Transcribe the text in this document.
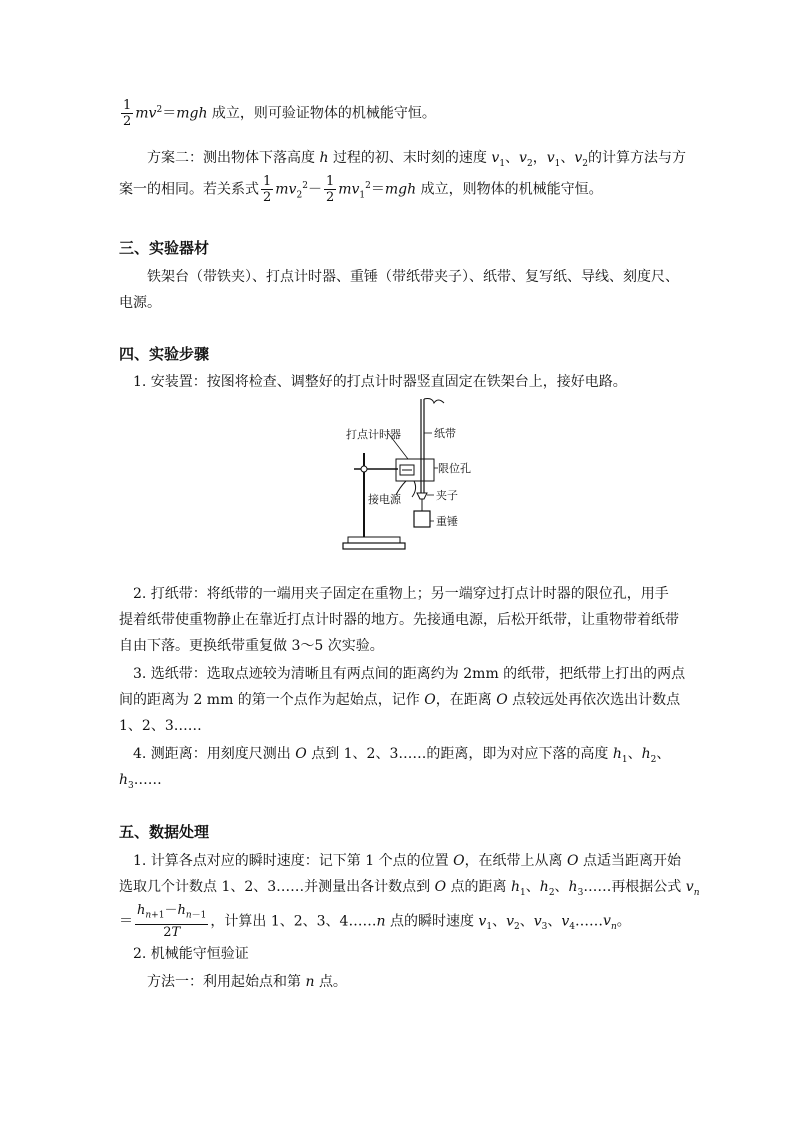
$\frac{1}{2} mv^2=mgh$ 成立，则可验证物体的机械能守恒。
方案二：测出物体下落高度 h 过程的初、末时刻的速度 $v_1$、$v_2$，$v_1$、$v_2$的计算方法与方
案一的相同。若关系式 $\frac{1}{2} mv_2^2- \frac{1}{2} mv_1^2=mgh$ 成立，则物体的机械能守恒。
三、实验器材
铁架台（带铁夹）、打点计时器、重锤（带纸带夹子）、纸带、复写纸、导线、刻度尺、
电源。
四、实验步骤
1. 安装置：按图将检查、调整好的打点计时器竖直固定在铁架台上，接好电路。
打点计时器	纸带
限位孔
接电源	夹子
重锤
2. 打纸带：将纸带的一端用夹子固定在重物上；另一端穿过打点计时器的限位孔，用手
提着纸带使重物静止在靠近打点计时器的地方。先接通电源，后松开纸带，让重物带着纸带
自由下落。更换纸带重复做 3～5 次实验。
3. 选纸带：选取点迹较为清晰且有两点间的距离约为 2mm 的纸带，把纸带上打出的两点
间的距离为 2 mm 的第一个点作为起始点，记作 O，在距离 O 点较远处再依次选出计数点
1、2、3……
4. 测距离：用刻度尺测出 O 点到 1、2、3……的距离，即为对应下落的高度 $h_1$、$h_2$、
$h_3\dots\dots$
五、数据处理
1. 计算各点对应的瞬时速度：记下第 1 个点的位置 O，在纸带上从离 O 点适当距离开始
选取几个计数点 1、2、3……并测量出各计数点到 O 点的距离 $h_1$、$h_2$、$h_3\dots\dots$再根据公式 $v_n$
＝ $\frac{h_{n+1}-h_{n-1}}{2T}$ ，计算出 1、2、3、4……n 点的瞬时速度 $v_1$、$v_2$、$v_3$、$v_4\dots\dots v_n$。
2. 机械能守恒验证
方法一：利用起始点和第 n 点。
